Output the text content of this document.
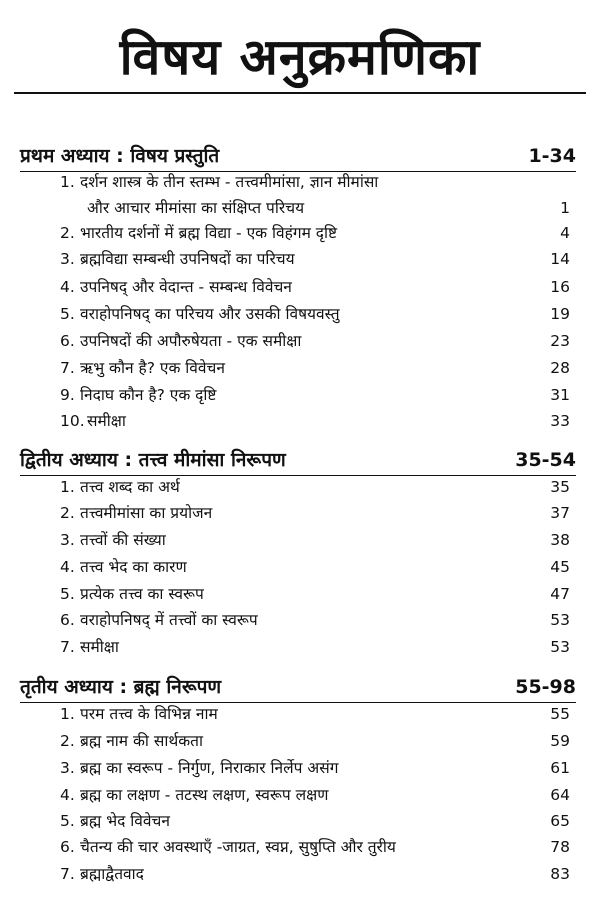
विषय अनुक्रमणिका
प्रथम अध्याय : विषय प्रस्तुति	1-34
1. दर्शन शास्त्र के तीन स्तम्भ - तत्त्वमीमांसा, ज्ञान मीमांसा
और आचार मीमांसा का संक्षिप्त परिचय	1
2. भारतीय दर्शनों में ब्रह्म विद्या - एक विहंगम दृष्टि	4
3. ब्रह्मविद्या सम्बन्धी उपनिषदों का परिचय	14
4. उपनिषद् और वेदान्त - सम्बन्ध विवेचन	16
5. वराहोपनिषद् का परिचय और उसकी विषयवस्तु	19
6. उपनिषदों की अपौरुषेयता - एक समीक्षा	23
7. ऋभु कौन है? एक विवेचन	28
9. निदाघ कौन है? एक दृष्टि	31
10. समीक्षा	33
द्वितीय अध्याय : तत्त्व मीमांसा निरूपण	35-54
1. तत्त्व शब्द का अर्थ	35
2. तत्त्वमीमांसा का प्रयोजन	37
3. तत्त्वों की संख्या	38
4. तत्त्व भेद का कारण	45
5. प्रत्येक तत्त्व का स्वरूप	47
6. वराहोपनिषद् में तत्त्वों का स्वरूप	53
7. समीक्षा	53
तृतीय अध्याय : ब्रह्म निरूपण	55-98
1. परम तत्त्व के विभिन्न नाम	55
2. ब्रह्म नाम की सार्थकता	59
3. ब्रह्म का स्वरूप - निर्गुण, निराकार निर्लेप असंग	61
4. ब्रह्म का लक्षण - तटस्थ लक्षण, स्वरूप लक्षण	64
5. ब्रह्म भेद विवेचन	65
6. चैतन्य की चार अवस्थाएँ -जाग्रत, स्वप्न, सुषुप्ति और तुरीय	78
7. ब्रह्माद्वैतवाद	83
